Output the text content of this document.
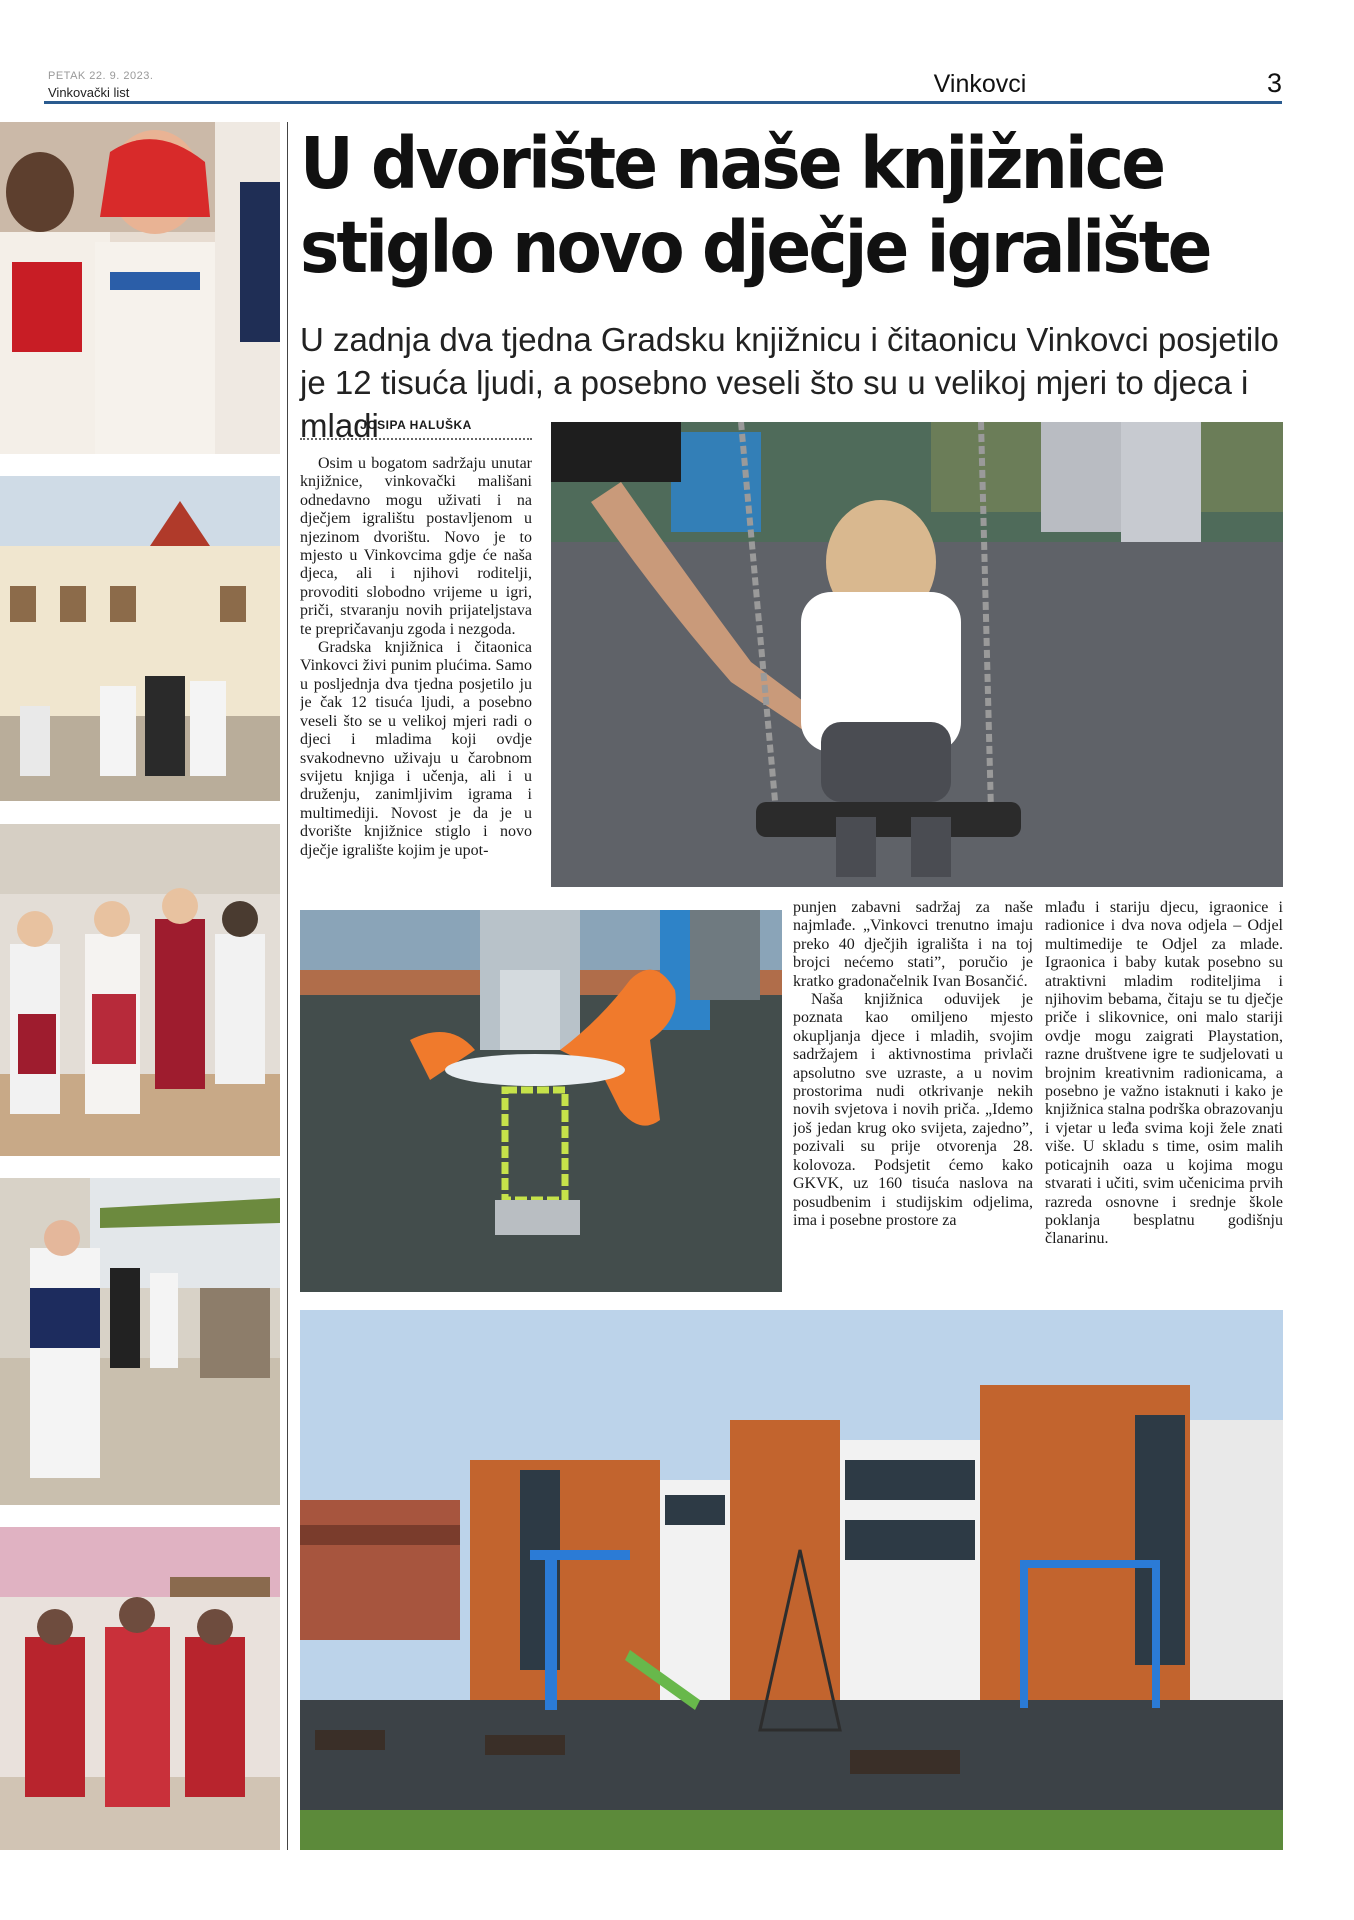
PETAK 22. 9. 2023.
Vinkovački list	Vinkovci	3
U dvorište naše knjižnice
stiglo novo dječje igralište
U zadnja dva tjedna Gradsku knjižnicu i čitaonicu Vinkovci posjetilo je 12 tisuća ljudi, a posebno veseli što su u velikoj mjeri to djeca i mladi
JOSIPA HALUŠKA

Osim u bogatom sadržaju unutar knjižnice, vinkovački mališani odnedavno mogu uživati i na dječjem igralištu postavljenom u njezinom dvorištu. Novo je to mjesto u Vinkovcima gdje će naša djeca, ali i njihovi roditelji, provoditi slobodno vrijeme u igri, priči, stvaranju novih prijateljstava te prepričavanju zgoda i nezgoda.

Gradska knjižnica i čitaonica Vinkovci živi punim plućima. Samo u posljednja dva tjedna posjetilo ju je čak 12 tisuća ljudi, a posebno veseli što se u velikoj mjeri radi o djeci i mladima koji ovdje svakodnevno uživaju u čarobnom svijetu knjiga i učenja, ali i u druženju, zanimljivim igrama i multimediji. Novost je da je u dvorište knjižnice stiglo i novo dječje igralište kojim je upot-

punjen zabavni sadržaj za naše najmlađe. „Vinkovci trenutno imaju preko 40 dječjih igrališta i na toj brojci nećemo stati”, poručio je kratko gradonačelnik Ivan Bosančić.

Naša knjižnica oduvijek je poznata kao omiljeno mjesto okupljanja djece i mladih, svojim sadržajem i aktivnostima privlači apsolutno sve uzraste, a u novim prostorima nudi otkrivanje nekih novih svjetova i novih priča. „Idemo još jedan krug oko svijeta, zajedno”, pozivali su prije otvorenja 28. kolovoza. Podsjetit ćemo kako GKVK, uz 160 tisuća naslova na posudbenim i studijskim odjelima, ima i posebne prostore za

mlađu i stariju djecu, igraonice i radionice i dva nova odjela – Odjel multimedije te Odjel za mlade. Igraonica i baby kutak posebno su atraktivni mladim roditeljima i njihovim bebama, čitaju se tu dječje priče i slikovnice, oni malo stariji ovdje mogu zaigrati Playstation, razne društvene igre te sudjelovati u brojnim kreativnim radionicama, a posebno je važno istaknuti i kako je knjižnica stalna podrška obrazovanju i vjetar u leđa svima koji žele znati više. U skladu s time, osim malih poticajnih oaza u kojima mogu stvarati i učiti, svim učenicima prvih razreda osnovne i srednje škole poklanja besplatnu godišnju članarinu.
